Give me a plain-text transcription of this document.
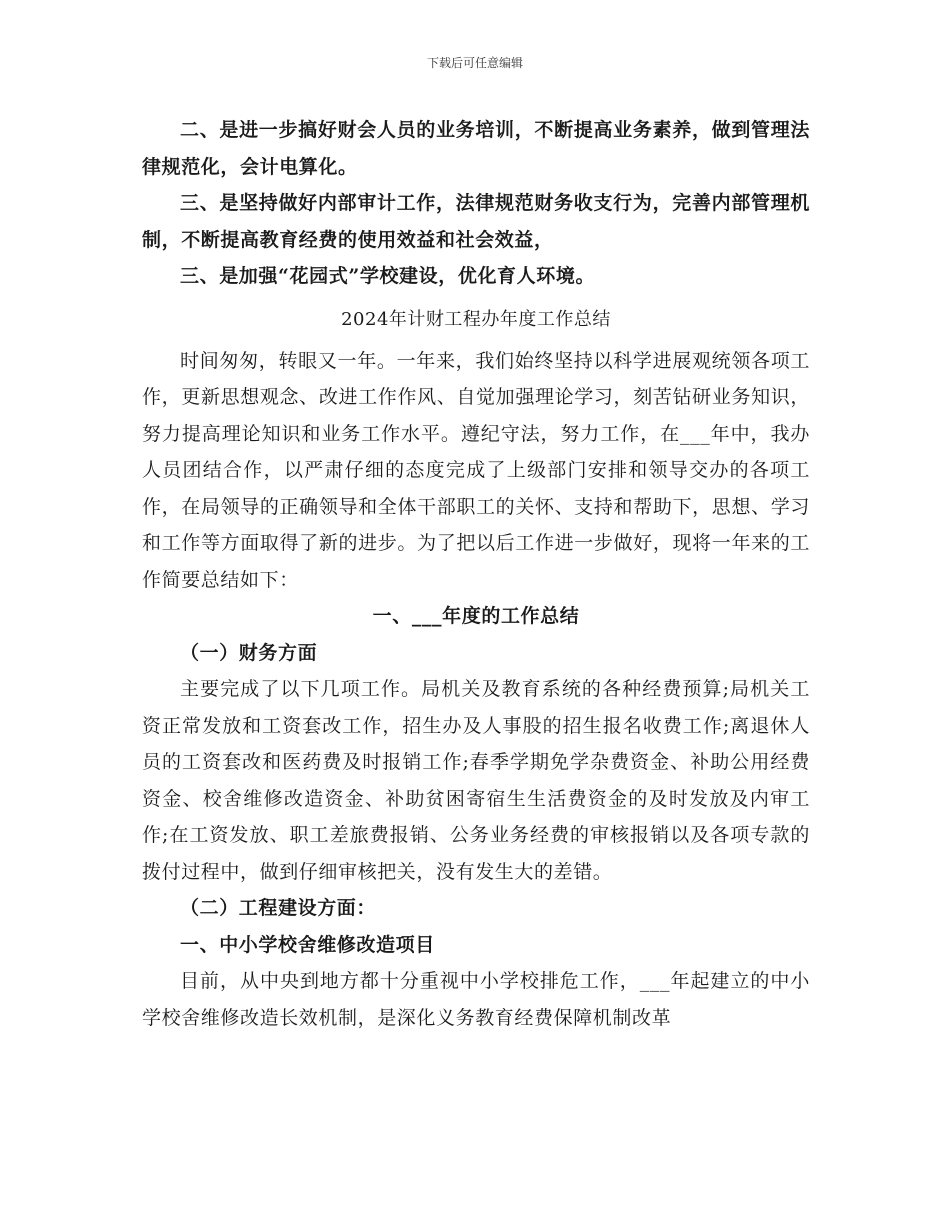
下载后可任意编辑

二、是进一步搞好财会人员的业务培训，不断提高业务素养，做到管理法律规范化，会计电算化。

三、是坚持做好内部审计工作，法律规范财务收支行为，完善内部管理机制，不断提高教育经费的使用效益和社会效益，

三、是加强“花园式”学校建设，优化育人环境。

2024年计财工程办年度工作总结

时间匆匆，转眼又一年。一年来，我们始终坚持以科学进展观统领各项工作，更新思想观念、改进工作作风、自觉加强理论学习，刻苦钻研业务知识，努力提高理论知识和业务工作水平。遵纪守法，努力工作，在___年中，我办人员团结合作，以严肃仔细的态度完成了上级部门安排和领导交办的各项工作，在局领导的正确领导和全体干部职工的关怀、支持和帮助下，思想、学习和工作等方面取得了新的进步。为了把以后工作进一步做好，现将一年来的工作简要总结如下：

一、___年度的工作总结

（一）财务方面

主要完成了以下几项工作。局机关及教育系统的各种经费预算;局机关工资正常发放和工资套改工作，招生办及人事股的招生报名收费工作;离退休人员的工资套改和医药费及时报销工作;春季学期免学杂费资金、补助公用经费资金、校舍维修改造资金、补助贫困寄宿生生活费资金的及时发放及内审工作;在工资发放、职工差旅费报销、公务业务经费的审核报销以及各项专款的拨付过程中，做到仔细审核把关，没有发生大的差错。

（二）工程建设方面：

一、中小学校舍维修改造项目

目前，从中央到地方都十分重视中小学校排危工作，___年起建立的中小学校舍维修改造长效机制，是深化义务教育经费保障机制改革
